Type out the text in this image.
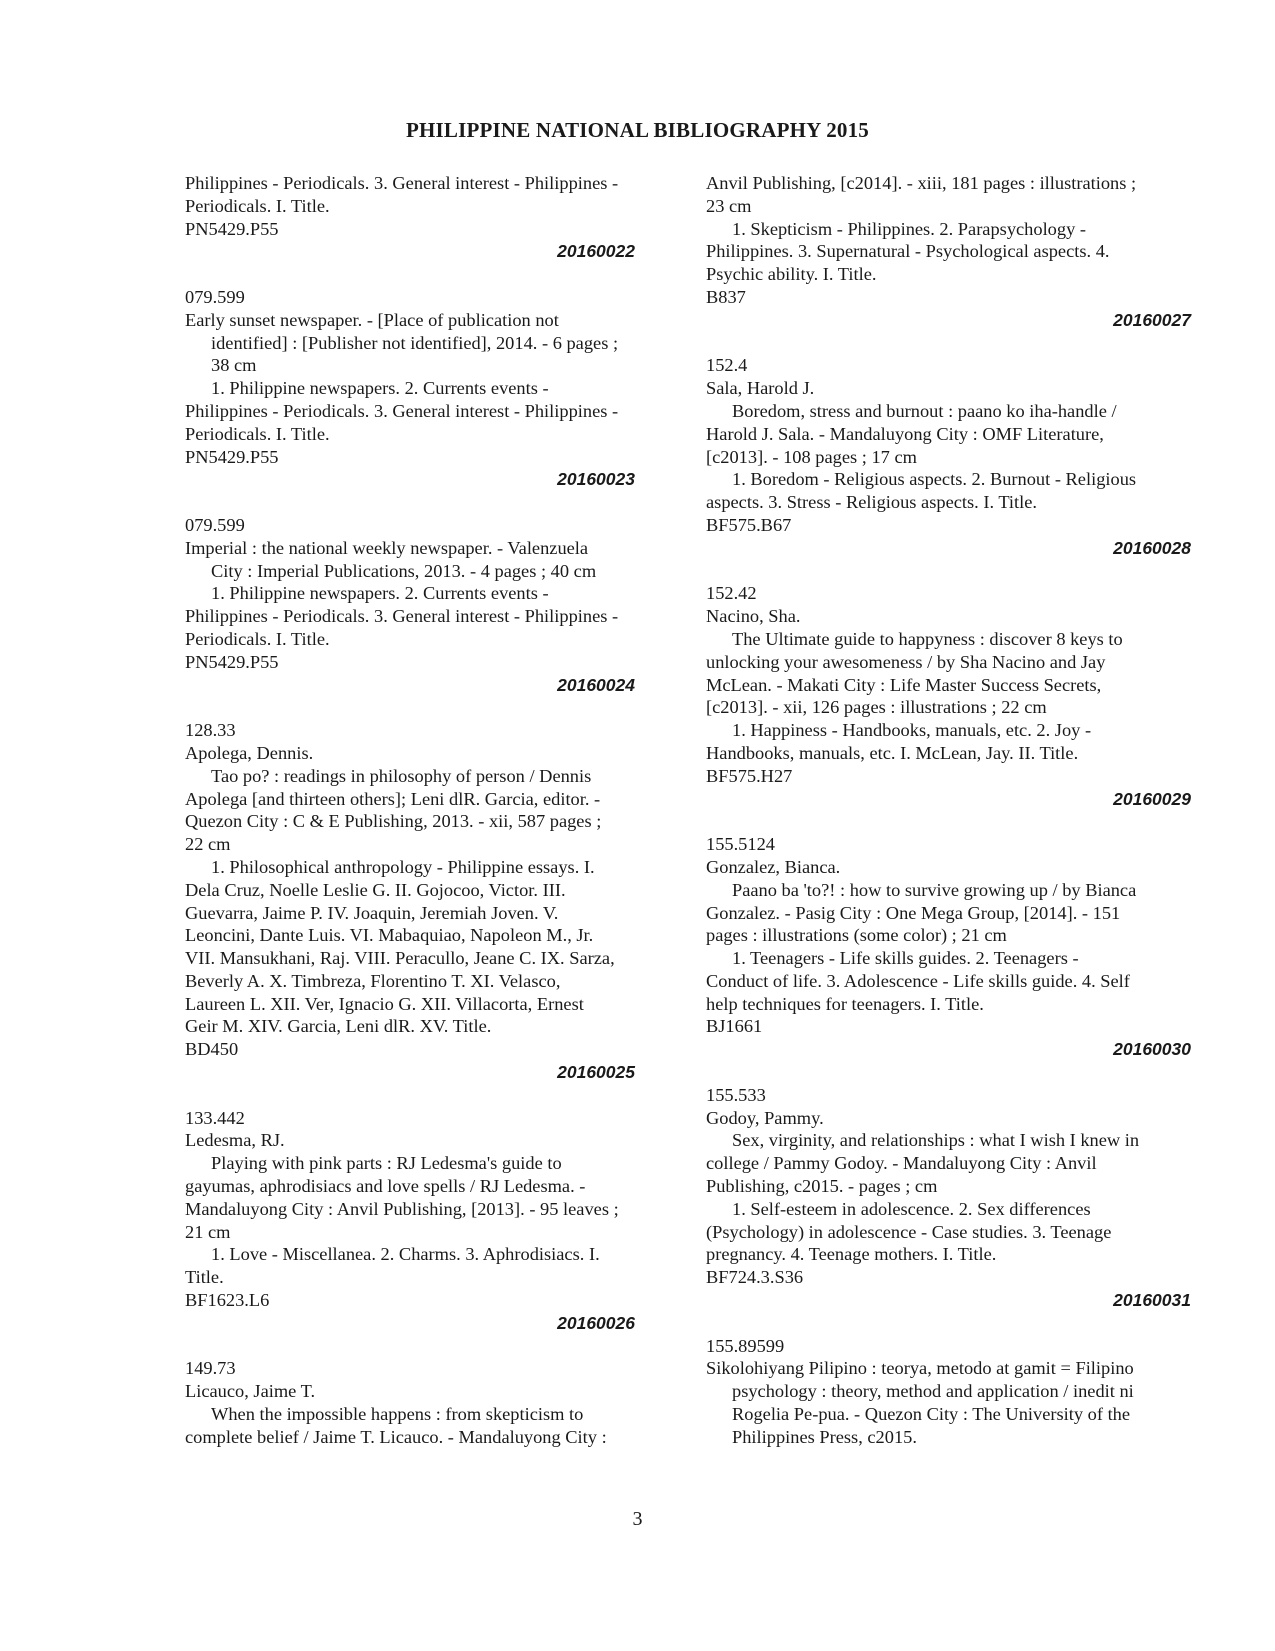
PHILIPPINE NATIONAL BIBLIOGRAPHY 2015
Philippines - Periodicals. 3. General interest - Philippines -
Periodicals. I. Title.
PN5429.P55
20160022
079.599
Early sunset newspaper. - [Place of publication not
identified] : [Publisher not identified], 2014. - 6 pages ;
38 cm
1. Philippine newspapers. 2. Currents events -
Philippines - Periodicals. 3. General interest - Philippines -
Periodicals. I. Title.
PN5429.P55
20160023
079.599
Imperial : the national weekly newspaper. - Valenzuela
City : Imperial Publications, 2013. - 4 pages ; 40 cm
1. Philippine newspapers. 2. Currents events -
Philippines - Periodicals. 3. General interest - Philippines -
Periodicals. I. Title.
PN5429.P55
20160024
128.33
Apolega, Dennis.
Tao po? : readings in philosophy of person / Dennis
Apolega [and thirteen others]; Leni dlR. Garcia, editor. -
Quezon City : C & E Publishing, 2013. - xii, 587 pages ;
22 cm
1. Philosophical anthropology - Philippine essays. I.
Dela Cruz, Noelle Leslie G. II. Gojocoo, Victor. III.
Guevarra, Jaime P. IV. Joaquin, Jeremiah Joven. V.
Leoncini, Dante Luis. VI. Mabaquiao, Napoleon M., Jr.
VII. Mansukhani, Raj. VIII. Peracullo, Jeane C. IX. Sarza,
Beverly A. X. Timbreza, Florentino T. XI. Velasco,
Laureen L. XII. Ver, Ignacio G. XII. Villacorta, Ernest
Geir M. XIV. Garcia, Leni dlR. XV. Title.
BD450
20160025
133.442
Ledesma, RJ.
Playing with pink parts : RJ Ledesma's guide to
gayumas, aphrodisiacs and love spells / RJ Ledesma. -
Mandaluyong City : Anvil Publishing, [2013]. - 95 leaves ;
21 cm
1. Love - Miscellanea. 2. Charms. 3. Aphrodisiacs. I.
Title.
BF1623.L6
20160026
149.73
Licauco, Jaime T.
When the impossible happens : from skepticism to
complete belief / Jaime T. Licauco. - Mandaluyong City :
Anvil Publishing, [c2014]. - xiii, 181 pages : illustrations ;
23 cm
1. Skepticism - Philippines. 2. Parapsychology -
Philippines. 3. Supernatural - Psychological aspects. 4.
Psychic ability. I. Title.
B837
20160027
152.4
Sala, Harold J.
Boredom, stress and burnout : paano ko iha-handle /
Harold J. Sala. - Mandaluyong City : OMF Literature,
[c2013]. - 108 pages ; 17 cm
1. Boredom - Religious aspects. 2. Burnout - Religious
aspects. 3. Stress - Religious aspects. I. Title.
BF575.B67
20160028
152.42
Nacino, Sha.
The Ultimate guide to happyness : discover 8 keys to
unlocking your awesomeness / by Sha Nacino and Jay
McLean. - Makati City : Life Master Success Secrets,
[c2013]. - xii, 126 pages : illustrations ; 22 cm
1. Happiness - Handbooks, manuals, etc. 2. Joy -
Handbooks, manuals, etc. I. McLean, Jay. II. Title.
BF575.H27
20160029
155.5124
Gonzalez, Bianca.
Paano ba 'to?! : how to survive growing up / by Bianca
Gonzalez. - Pasig City : One Mega Group, [2014]. - 151
pages : illustrations (some color) ; 21 cm
1. Teenagers - Life skills guides. 2. Teenagers -
Conduct of life. 3. Adolescence - Life skills guide. 4. Self
help techniques for teenagers. I. Title.
BJ1661
20160030
155.533
Godoy, Pammy.
Sex, virginity, and relationships : what I wish I knew in
college / Pammy Godoy. - Mandaluyong City : Anvil
Publishing, c2015. - pages ; cm
1. Self-esteem in adolescence. 2. Sex differences
(Psychology) in adolescence - Case studies. 3. Teenage
pregnancy. 4. Teenage mothers. I. Title.
BF724.3.S36
20160031
155.89599
Sikolohiyang Pilipino : teorya, metodo at gamit = Filipino
psychology : theory, method and application / inedit ni
Rogelia Pe-pua. - Quezon City : The University of the
Philippines Press, c2015.
3
